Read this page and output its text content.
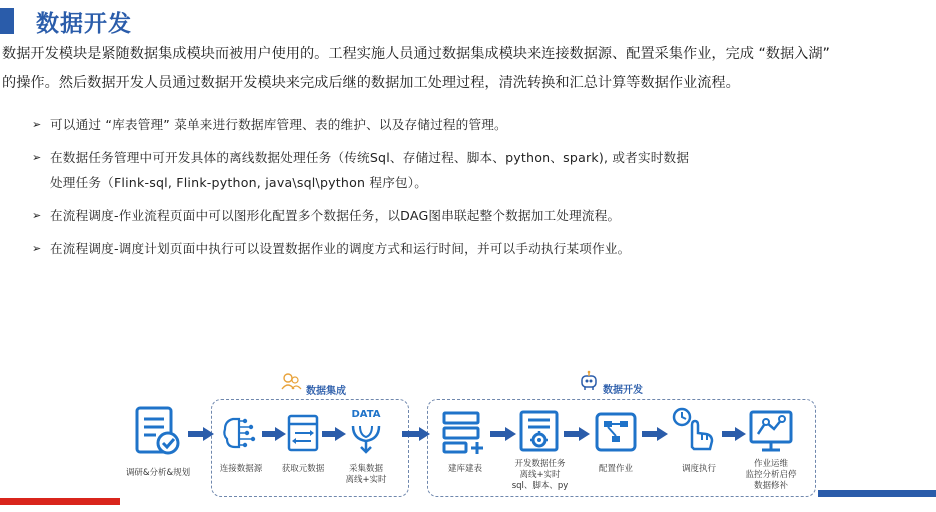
数据开发
数据开发模块是紧随数据集成模块而被用户使用的。工程实施人员通过数据集成模块来连接数据源、配置采集作业，完成 “数据入湖”
的操作。然后数据开发人员通过数据开发模块来完成后继的数据加工处理过程，清洗转换和汇总计算等数据作业流程。
➢ 可以通过 “库表管理” 菜单来进行数据库管理、表的维护、以及存储过程的管理。
➢ 在数据任务管理中可开发具体的离线数据处理任务（传统Sql、存储过程、脚本、python、spark), 或者实时数据
处理任务（Flink-sql, Flink-python, java\sql\python 程序包）。
➢ 在流程调度-作业流程页面中可以图形化配置多个数据任务，以DAG图串联起整个数据加工处理流程。
➢ 在流程调度-调度计划页面中执行可以设置数据作业的调度方式和运行时间，并可以手动执行某项作业。
数据集成	数据开发
调研&分析&规划	连接数据源	获取元数据
DATA
采集数据
离线+实时
建库建表	开发数据任务
离线+实时
sql、脚本、py
配置作业	调度执行	作业运维
监控分析启停
数据修补
